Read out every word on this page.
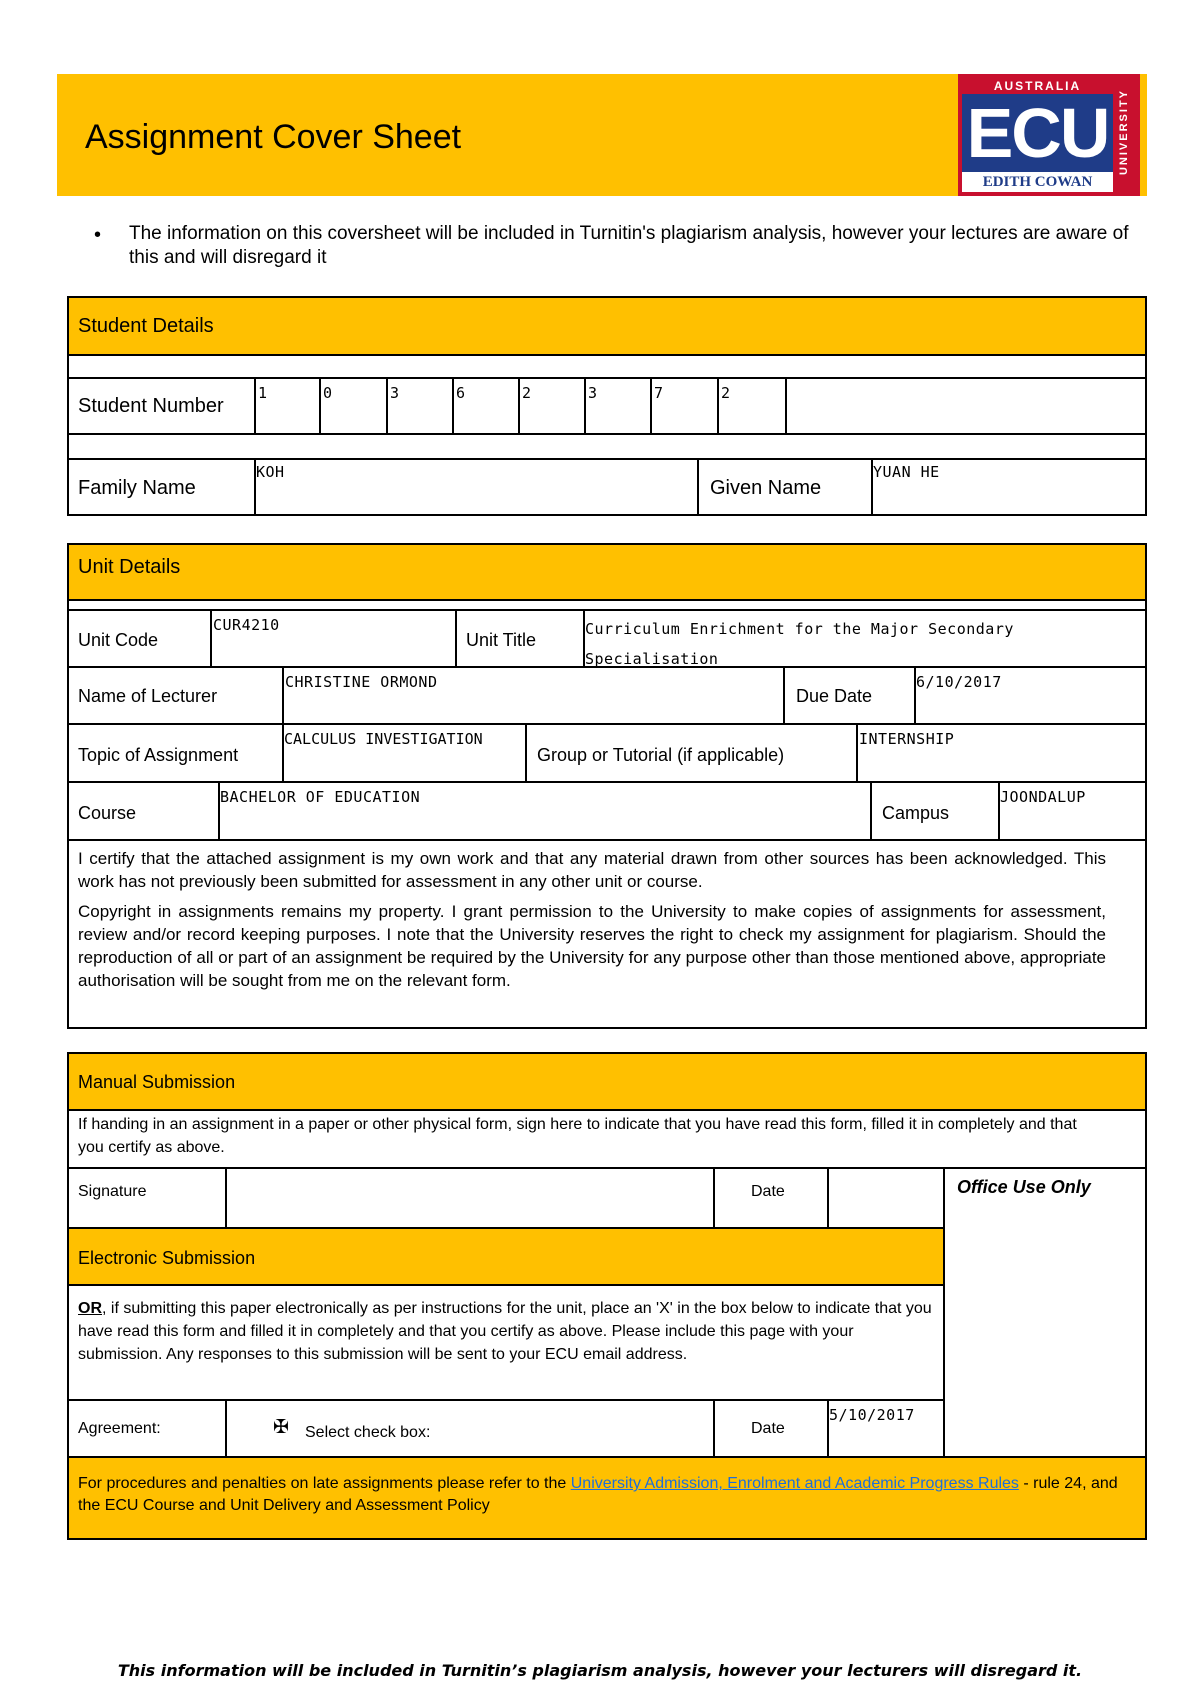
Assignment Cover Sheet
AUSTRALIA
ECU
EDITH COWAN
UNIVERSITY
• The information on this coversheet will be included in Turnitin's plagiarism analysis, however your lectures are aware of this and will disregard it
Student Details
Student Number
1	0	3	6	2	3	7	2
Family Name
KOH
Given Name
YUAN HE
Unit Details
Unit Code
CUR4210
Unit Title
Curriculum Enrichment for the Major Secondary Specialisation
Name of Lecturer
CHRISTINE ORMOND
Due Date
6/10/2017
Topic of Assignment
CALCULUS INVESTIGATION
Group or Tutorial (if applicable)
INTERNSHIP
Course
BACHELOR OF EDUCATION
Campus
JOONDALUP
I certify that the attached assignment is my own work and that any material drawn from other sources has been acknowledged. This work has not previously been submitted for assessment in any other unit or course.
Copyright in assignments remains my property. I grant permission to the University to make copies of assignments for assessment, review and/or record keeping purposes. I note that the University reserves the right to check my assignment for plagiarism. Should the reproduction of all or part of an assignment be required by the University for any purpose other than those mentioned above, appropriate authorisation will be sought from me on the relevant form.
Manual Submission
If handing in an assignment in a paper or other physical form, sign here to indicate that you have read this form, filled it in completely and that you certify as above.
Signature	Date	Office Use Only
Electronic Submission
OR, if submitting this paper electronically as per instructions for the unit, place an 'X' in the box below to indicate that you have read this form and filled it in completely and that you certify as above. Please include this page with your submission. Any responses to this submission will be sent to your ECU email address.
Agreement:	✠ Select check box:	Date
5/10/2017
For procedures and penalties on late assignments please refer to the University Admission, Enrolment and Academic Progress Rules - rule 24, and the ECU Course and Unit Delivery and Assessment Policy
This information will be included in Turnitin’s plagiarism analysis, however your lecturers will disregard it.
